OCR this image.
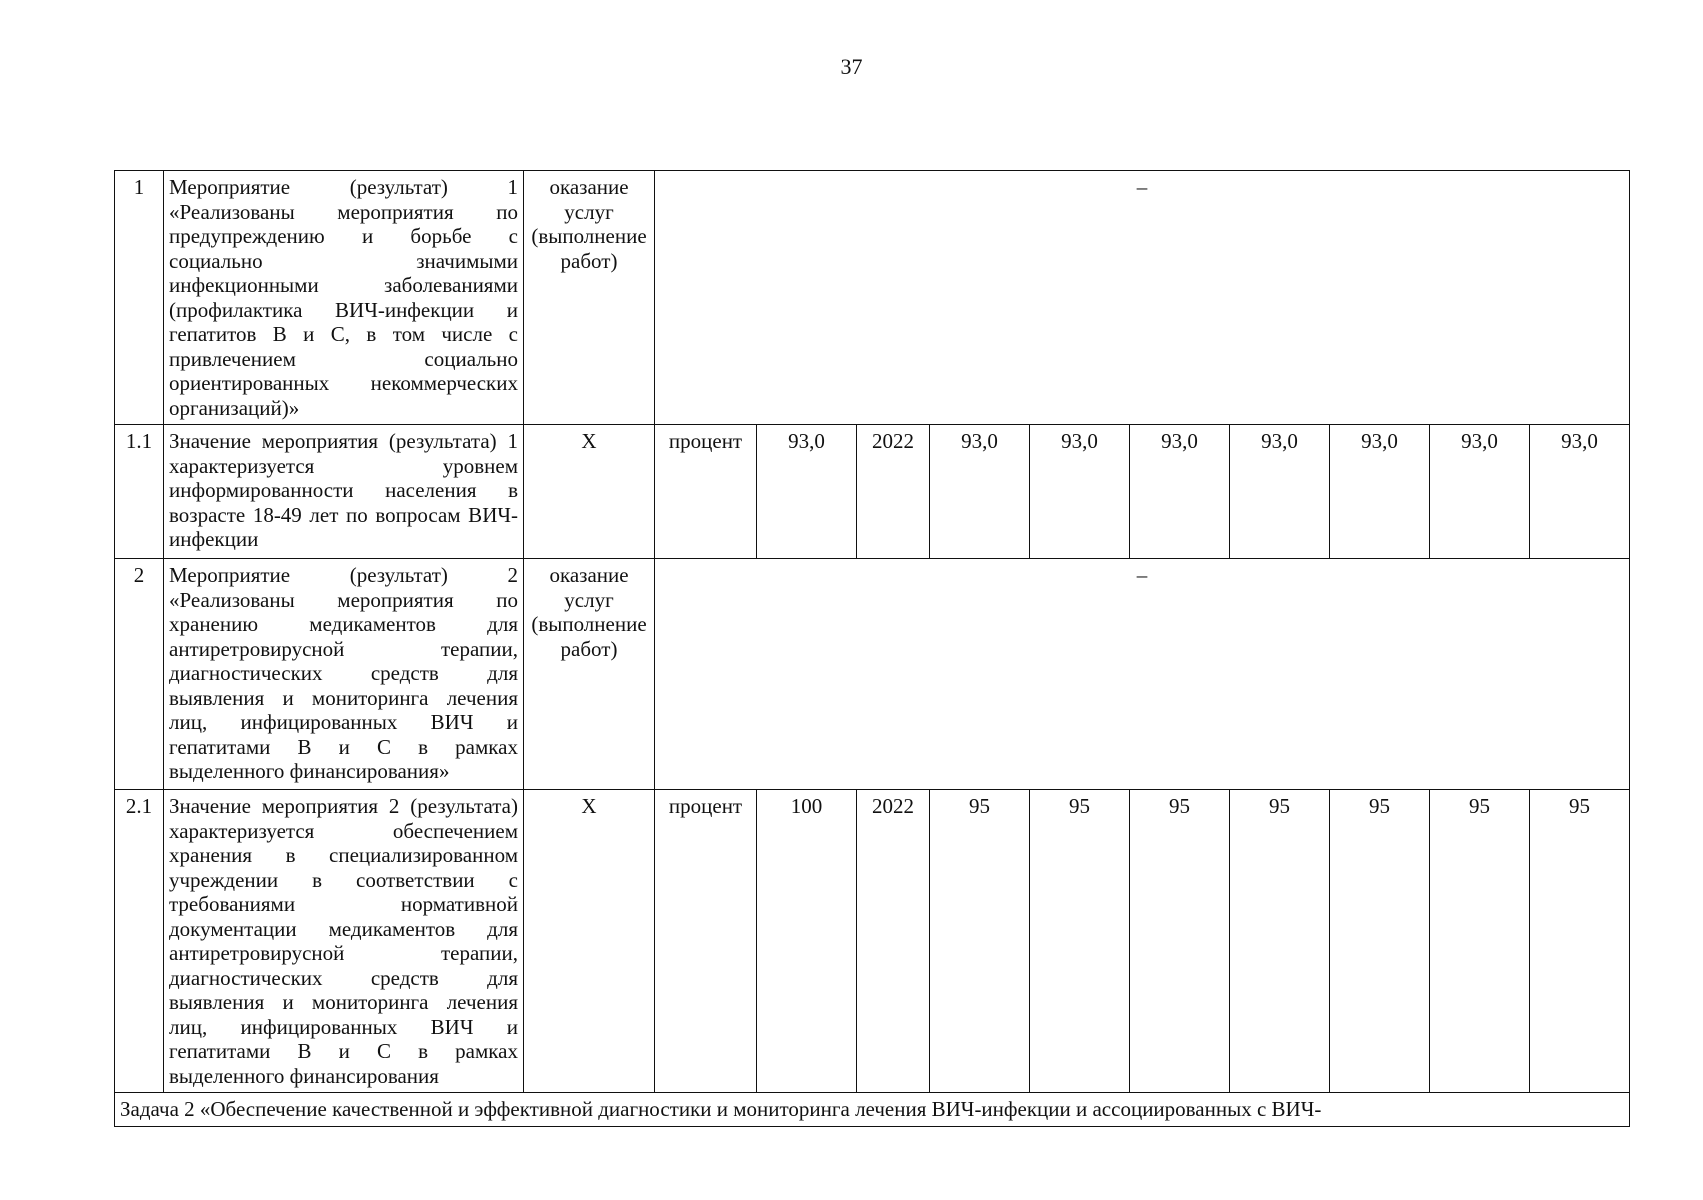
37
1	Мероприятие (результат) 1 «Реализованы мероприятия по предупреждению и борьбе с социально значимыми инфекционными заболеваниями (профилактика ВИЧ-инфекции и гепатитов В и С, в том числе с привлечением социально ориентированных некоммерческих организаций)»	оказание услуг (выполнение работ)	–									
1.1	Значение мероприятия (результата) 1 характеризуется уровнем информированности населения в возрасте 18-49 лет по вопросам ВИЧ-инфекции	Х	процент	93,0	2022	93,0	93,0	93,0	93,0	93,0	93,0	93,0
2	Мероприятие (результат) 2 «Реализованы мероприятия по хранению медикаментов для антиретровирусной терапии, диагностических средств для выявления и мониторинга лечения лиц, инфицированных ВИЧ и гепатитами В и С в рамках выделенного финансирования»	оказание услуг (выполнение работ)	–									
2.1	Значение мероприятия 2 (результата) характеризуется обеспечением хранения в специализированном учреждении в соответствии с требованиями нормативной документации медикаментов для антиретровирусной терапии, диагностических средств для выявления и мониторинга лечения лиц, инфицированных ВИЧ и гепатитами В и С в рамках выделенного финансирования	Х	процент	100	2022	95	95	95	95	95	95	95
Задача 2 «Обеспечение качественной и эффективной диагностики и мониторинга лечения ВИЧ-инфекции и ассоциированных с ВИЧ-												
